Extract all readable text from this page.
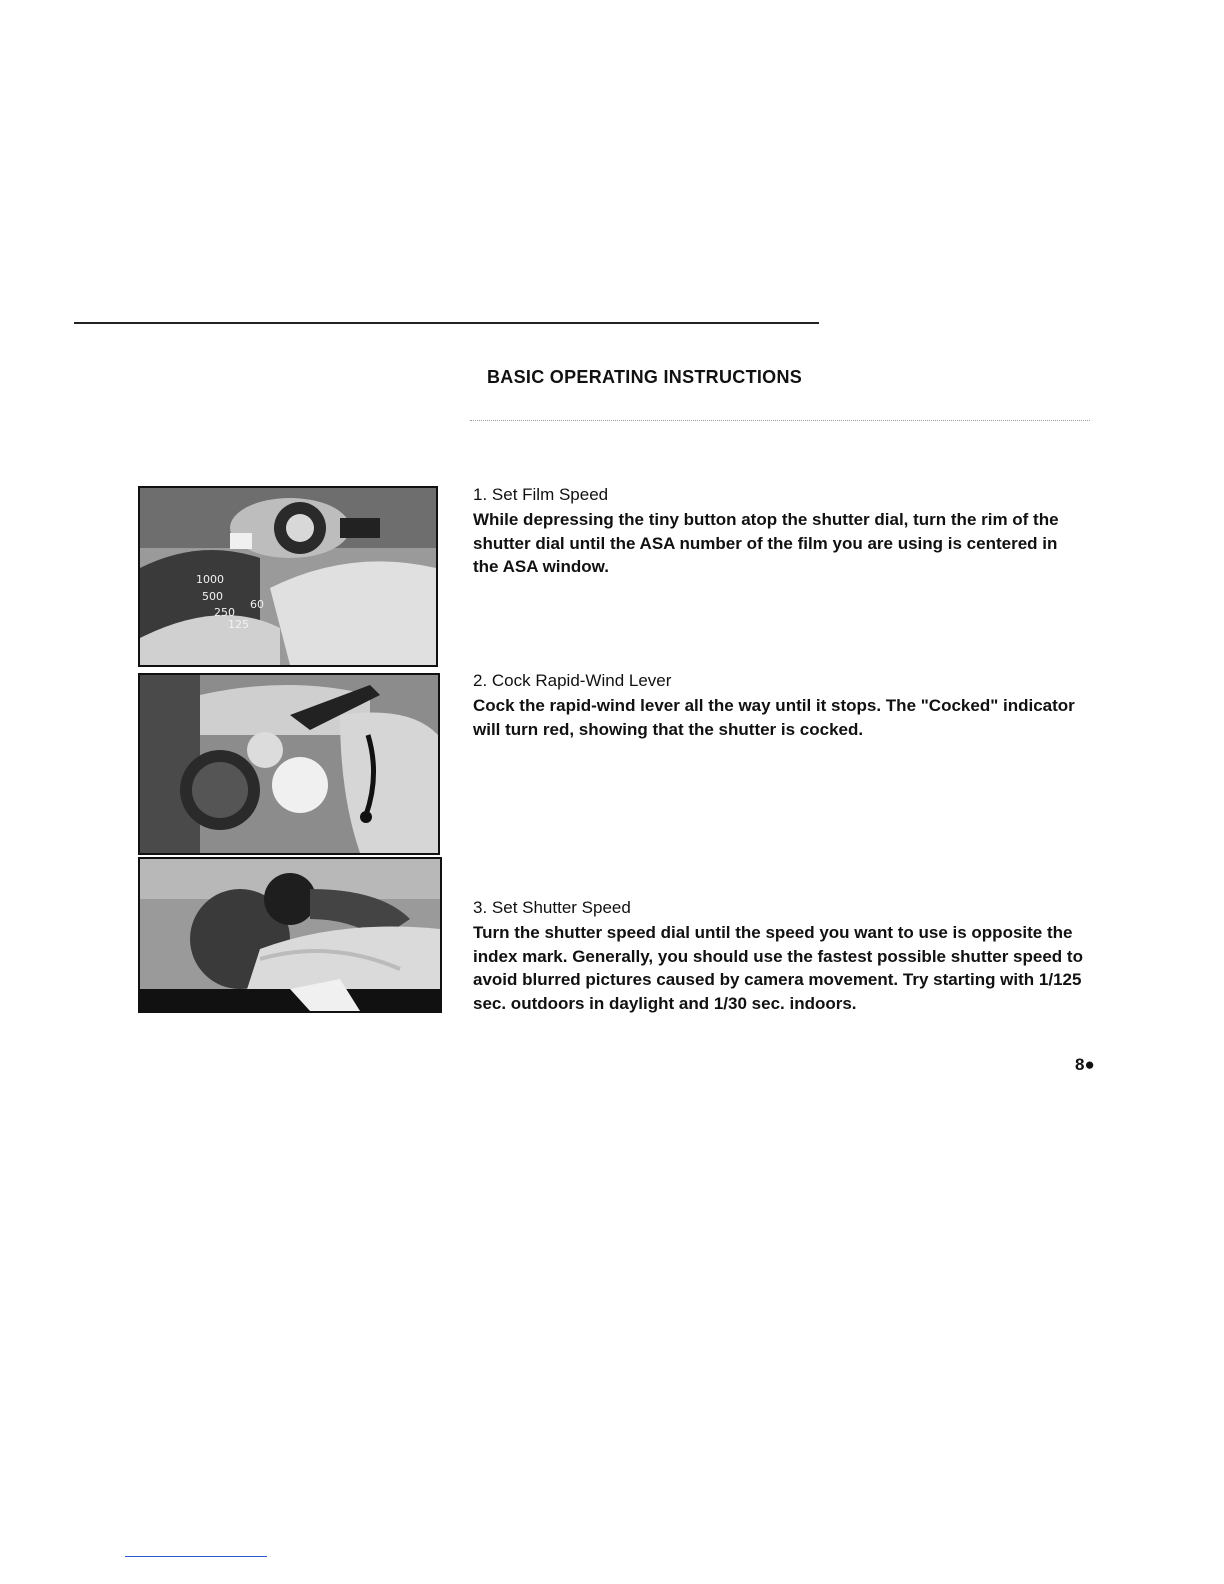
BASIC OPERATING INSTRUCTIONS
1000
500
250
125
60

1. Set Film Speed

While depressing the tiny button atop the shutter dial, turn the rim of the shutter dial until the ASA number of the film you are using is centered in the ASA window.

2. Cock Rapid-Wind Lever

Cock the rapid-wind lever all the way until it stops. The "Cocked" indicator will turn red, showing that the shutter is cocked.

3. Set Shutter Speed

Turn the shutter speed dial until the speed you want to use is opposite the index mark. Generally, you should use the fastest possible shutter speed to avoid blurred pictures caused by camera movement. Try starting with 1/125 sec. outdoors in daylight and 1/30 sec. indoors.

8●
